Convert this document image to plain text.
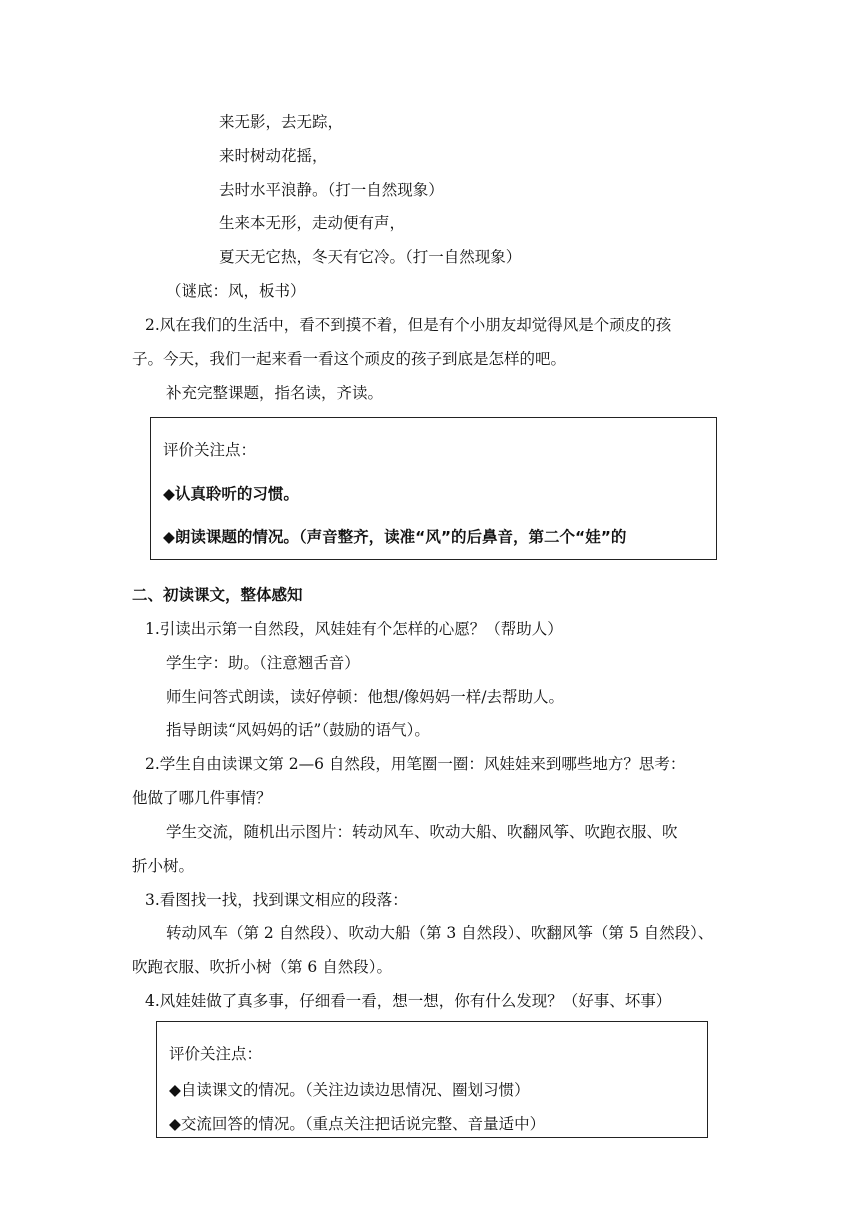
来无影，去无踪，
来时树动花摇，
去时水平浪静。（打一自然现象）
生来本无形，走动便有声，
夏天无它热，冬天有它冷。（打一自然现象）
（谜底：风，板书）
2.风在我们的生活中，看不到摸不着，但是有个小朋友却觉得风是个顽皮的孩
子。今天，我们一起来看一看这个顽皮的孩子到底是怎样的吧。
补充完整课题，指名读，齐读。
评价关注点：
◆认真聆听的习惯。
◆朗读课题的情况。（声音整齐，读准“风”的后鼻音，第二个“娃”的
二、初读课文，整体感知
1.引读出示第一自然段，风娃娃有个怎样的心愿？（帮助人）
学生字：助。（注意翘舌音）
师生问答式朗读，读好停顿：他想/像妈妈一样/去帮助人。
指导朗读“风妈妈的话”（鼓励的语气）。
2.学生自由读课文第 2—6 自然段，用笔圈一圈：风娃娃来到哪些地方？思考：
他做了哪几件事情？
学生交流，随机出示图片：转动风车、吹动大船、吹翻风筝、吹跑衣服、吹
折小树。
3.看图找一找，找到课文相应的段落：
转动风车（第 2 自然段）、吹动大船（第 3 自然段）、吹翻风筝（第 5 自然段）、
吹跑衣服、吹折小树（第 6 自然段）。
4.风娃娃做了真多事，仔细看一看，想一想，你有什么发现？（好事、坏事）
评价关注点：
◆自读课文的情况。（关注边读边思情况、圈划习惯）
◆交流回答的情况。（重点关注把话说完整、音量适中）
